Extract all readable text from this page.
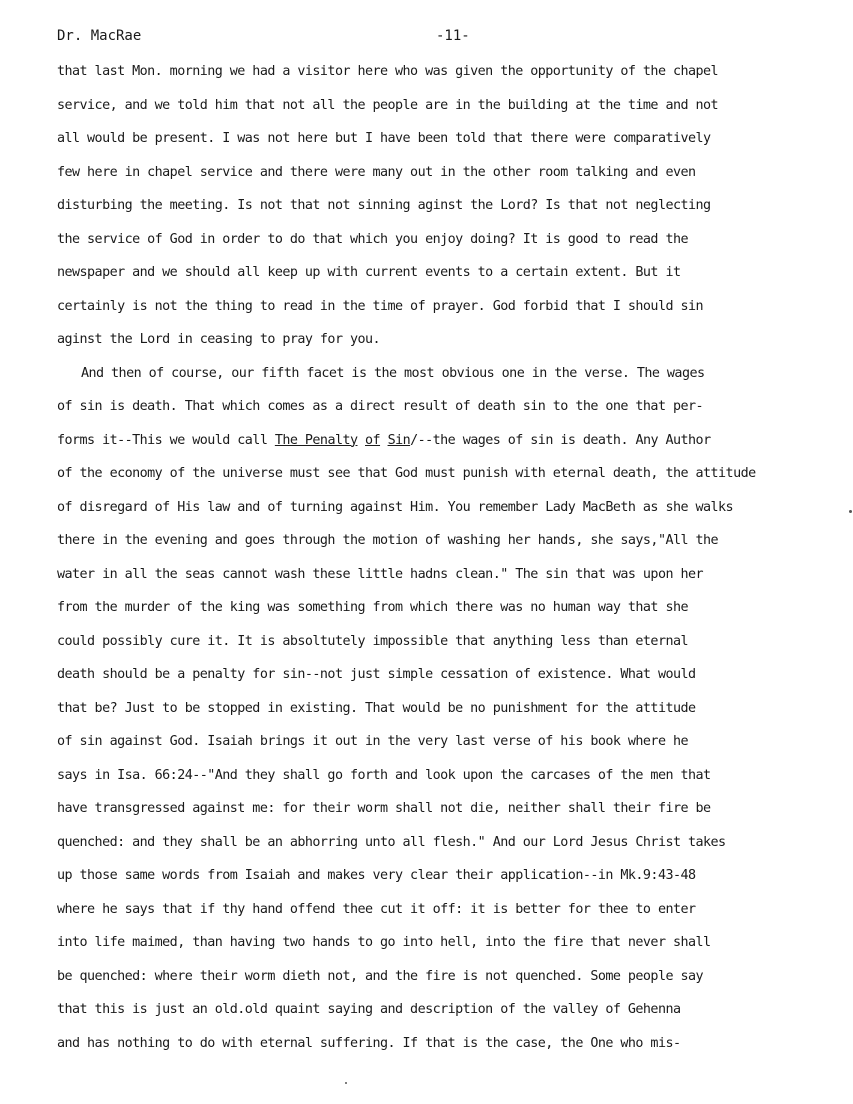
Dr. MacRae	-11-
that last Mon. morning we had a visitor here who was given the opportunity of the chapel
service, and we told him that not all the people are in the building at the time and not
all would be present. I was not here but I have been told that there were comparatively
few here in chapel service and there were many out in the other room talking and even
disturbing the meeting. Is not that not sinning aginst the Lord? Is that not neglecting
the service of God in order to do that which you enjoy doing? It is good to read the
newspaper and we should all keep up with current events to a certain extent. But it
certainly is not the thing to read in the time of prayer. God forbid that I should sin
aginst the Lord in ceasing to pray for you.
And then of course, our fifth facet is the most obvious one in the verse. The wages
of sin is death. That which comes as a direct result of death sin to the one that per-
forms it--This we would call The Penalty of Sin/--the wages of sin is death. Any Author
of the economy of the universe must see that God must punish with eternal death, the attitude
of disregard of His law and of turning against Him. You remember Lady MacBeth as she walks
there in the evening and goes through the motion of washing her hands, she says,"All the
water in all the seas cannot wash these little hadns clean." The sin that was upon her
from the murder of the king was something from which there was no human way that she
could possibly cure it. It is absoltutely impossible that anything less than eternal
death should be a penalty for sin--not just simple cessation of existence. What would
that be? Just to be stopped in existing. That would be no punishment for the attitude
of sin against God. Isaiah brings it out in the very last verse of his book where he
says in Isa. 66:24--"And they shall go forth and look upon the carcases of the men that
have transgressed against me: for their worm shall not die, neither shall their fire be
quenched: and they shall be an abhorring unto all flesh." And our Lord Jesus Christ takes
up those same words from Isaiah and makes very clear their application--in Mk.9:43-48
where he says that if thy hand offend thee cut it off: it is better for thee to enter
into life maimed, than having two hands to go into hell, into the fire that never shall
be quenched: where their worm dieth not, and the fire is not quenched. Some people say
that this is just an old.old quaint saying and description of the valley of Gehenna
and has nothing to do with eternal suffering. If that is the case, the One who mis-
